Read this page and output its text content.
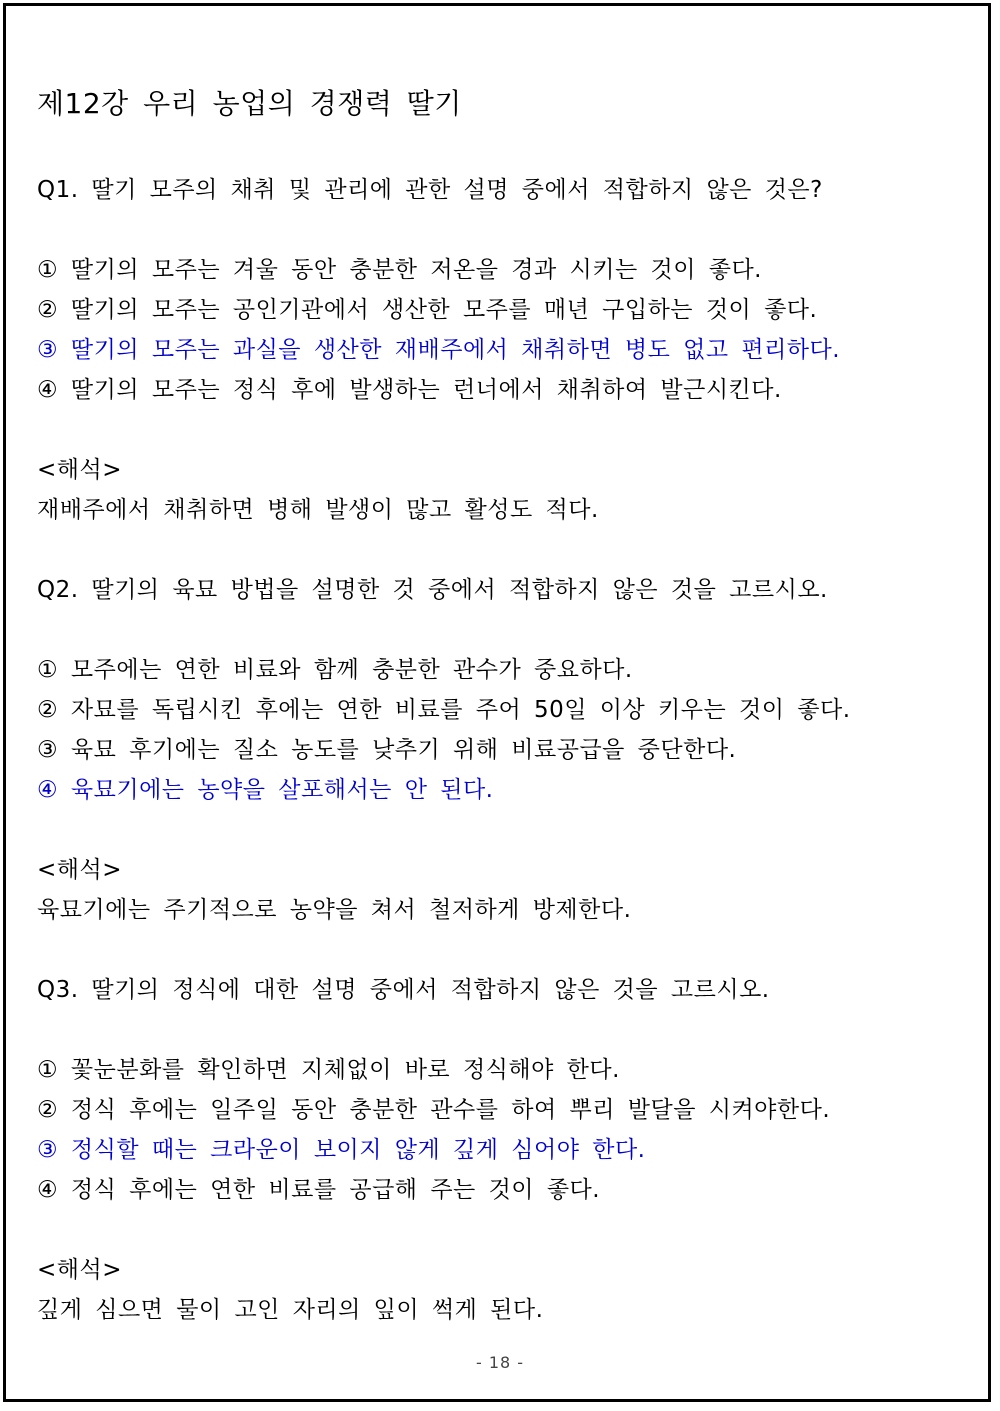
제12강 우리 농업의 경쟁력 딸기
Q1. 딸기 모주의 채취 및 관리에 관한 설명 중에서 적합하지 않은 것은?
① 딸기의 모주는 겨울 동안 충분한 저온을 경과 시키는 것이 좋다.
② 딸기의 모주는 공인기관에서 생산한 모주를 매년 구입하는 것이 좋다.
③ 딸기의 모주는 과실을 생산한 재배주에서 채취하면 병도 없고 편리하다.
④ 딸기의 모주는 정식 후에 발생하는 런너에서 채취하여 발근시킨다.
<해석>
재배주에서 채취하면 병해 발생이 많고 활성도 적다.
Q2. 딸기의 육묘 방법을 설명한 것 중에서 적합하지 않은 것을 고르시오.
① 모주에는 연한 비료와 함께 충분한 관수가 중요하다.
② 자묘를 독립시킨 후에는 연한 비료를 주어 50일 이상 키우는 것이 좋다.
③ 육묘 후기에는 질소 농도를 낮추기 위해 비료공급을 중단한다.
④ 육묘기에는 농약을 살포해서는 안 된다.
<해석>
육묘기에는 주기적으로 농약을 쳐서 철저하게 방제한다.
Q3. 딸기의 정식에 대한 설명 중에서 적합하지 않은 것을 고르시오.
① 꽃눈분화를 확인하면 지체없이 바로 정식해야 한다.
② 정식 후에는 일주일 동안 충분한 관수를 하여 뿌리 발달을 시켜야한다.
③ 정식할 때는 크라운이 보이지 않게 깊게 심어야 한다.
④ 정식 후에는 연한 비료를 공급해 주는 것이 좋다.
<해석>
깊게 심으면 물이 고인 자리의 잎이 썩게 된다.
- 18 -
